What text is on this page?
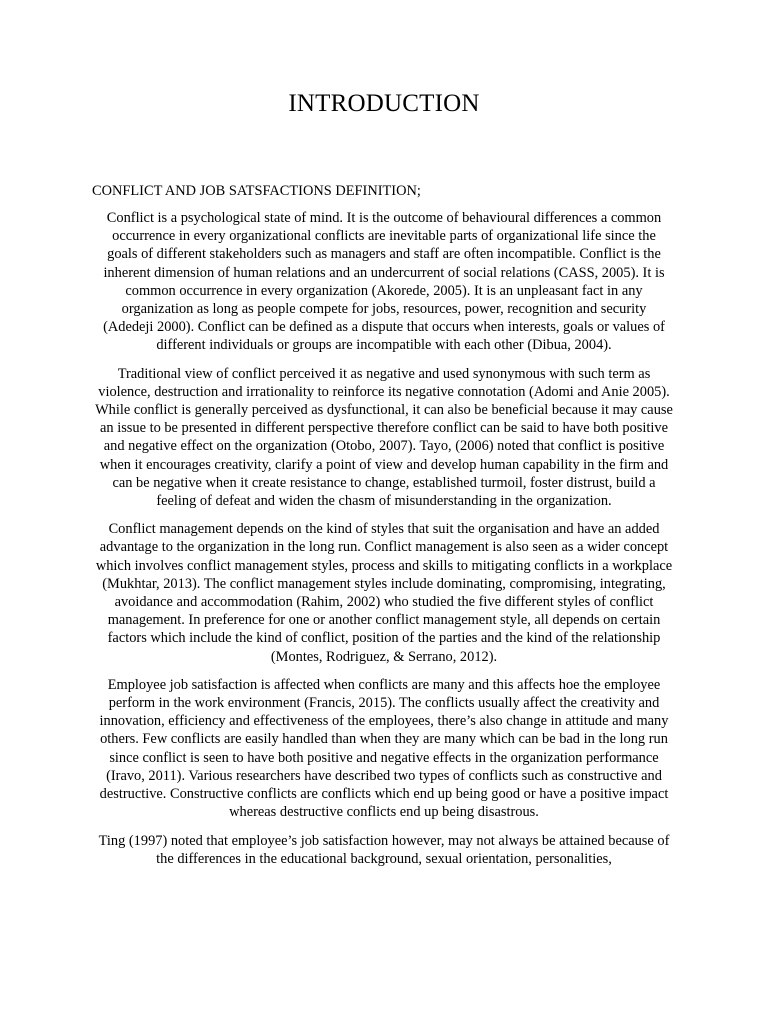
INTRODUCTION
CONFLICT AND JOB SATSFACTIONS DEFINITION;

Conflict is a psychological state of mind. It is the outcome of behavioural differences a common occurrence in every organizational conflicts are inevitable parts of organizational life since the goals of different stakeholders such as managers and staff are often incompatible. Conflict is the inherent dimension of human relations and an undercurrent of social relations (CASS, 2005). It is common occurrence in every organization (Akorede, 2005). It is an unpleasant fact in any organization as long as people compete for jobs, resources, power, recognition and security (Adedeji 2000). Conflict can be defined as a dispute that occurs when interests, goals or values of different individuals or groups are incompatible with each other (Dibua, 2004).

Traditional view of conflict perceived it as negative and used synonymous with such term as violence, destruction and irrationality to reinforce its negative connotation (Adomi and Anie 2005). While conflict is generally perceived as dysfunctional, it can also be beneficial because it may cause an issue to be presented in different perspective therefore conflict can be said to have both positive and negative effect on the organization (Otobo, 2007). Tayo, (2006) noted that conflict is positive when it encourages creativity, clarify a point of view and develop human capability in the firm and can be negative when it create resistance to change, established turmoil, foster distrust, build a feeling of defeat and widen the chasm of misunderstanding in the organization.

Conflict management depends on the kind of styles that suit the organisation and have an added advantage to the organization in the long run. Conflict management is also seen as a wider concept which involves conflict management styles, process and skills to mitigating conflicts in a workplace (Mukhtar, 2013). The conflict management styles include dominating, compromising, integrating, avoidance and accommodation (Rahim, 2002) who studied the five different styles of conflict management. In preference for one or another conflict management style, all depends on certain factors which include the kind of conflict, position of the parties and the kind of the relationship (Montes, Rodriguez, & Serrano, 2012).

Employee job satisfaction is affected when conflicts are many and this affects hoe the employee perform in the work environment (Francis, 2015). The conflicts usually affect the creativity and innovation, efficiency and effectiveness of the employees, there’s also change in attitude and many others. Few conflicts are easily handled than when they are many which can be bad in the long run since conflict is seen to have both positive and negative effects in the organization performance (Iravo, 2011). Various researchers have described two types of conflicts such as constructive and destructive. Constructive conflicts are conflicts which end up being good or have a positive impact whereas destructive conflicts end up being disastrous.

Ting (1997) noted that employee’s job satisfaction however, may not always be attained because of the differences in the educational background, sexual orientation, personalities,
